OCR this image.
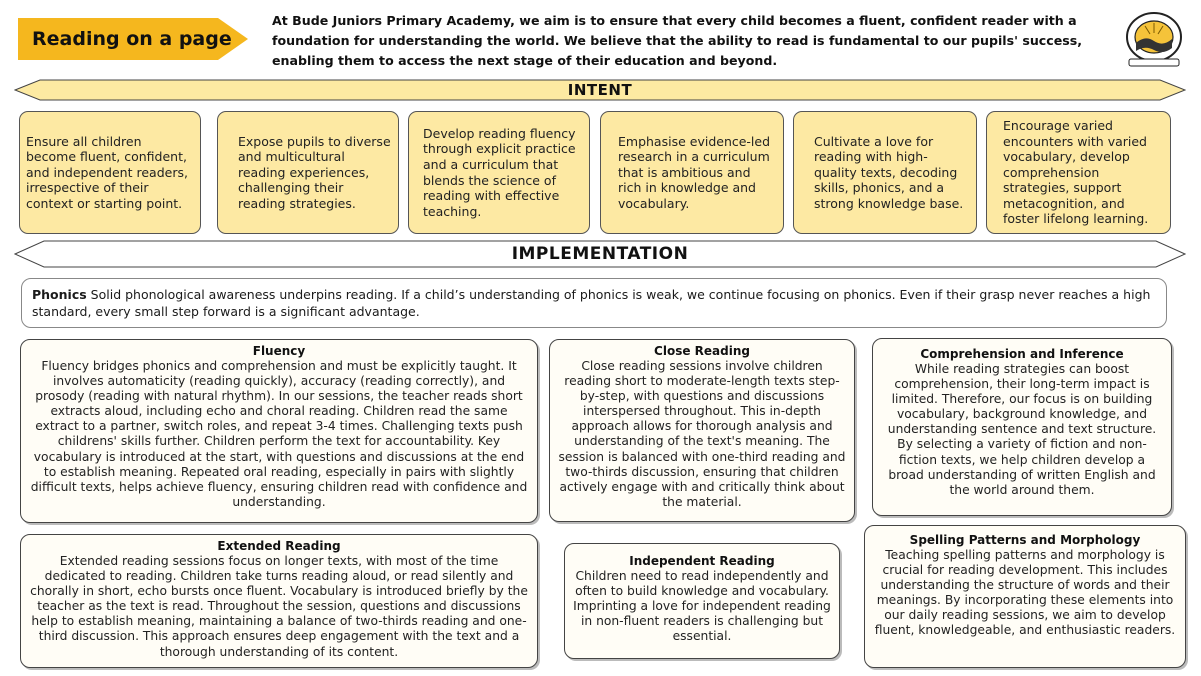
Reading on a page
At Bude Juniors Primary Academy, we aim is to ensure that every child becomes a fluent, confident reader with a foundation for understanding the world. We believe that the ability to read is fundamental to our pupils' success, enabling them to access the next stage of their education and beyond.
INTENT
Ensure all children become fluent, confident, and independent readers, irrespective of their context or starting point.
Expose pupils to diverse and multicultural reading experiences, challenging their reading strategies.
Develop reading fluency through explicit practice and a curriculum that blends the science of reading with effective teaching.
Emphasise evidence-led research in a curriculum that is ambitious and rich in knowledge and vocabulary.
Cultivate a love for reading with high-quality texts, decoding skills, phonics, and a strong knowledge base.
Encourage varied encounters with varied vocabulary, develop comprehension strategies, support metacognition, and foster lifelong learning.
IMPLEMENTATION
Phonics Solid phonological awareness underpins reading. If a child’s understanding of phonics is weak, we continue focusing on phonics. Even if their grasp never reaches a high standard, every small step forward is a significant advantage.
Fluency

Fluency bridges phonics and comprehension and must be explicitly taught. It involves automaticity (reading quickly), accuracy (reading correctly), and prosody (reading with natural rhythm). In our sessions, the teacher reads short extracts aloud, including echo and choral reading. Children read the same extract to a partner, switch roles, and repeat 3-4 times. Challenging texts push childrens' skills further. Children perform the text for accountability. Key vocabulary is introduced at the start, with questions and discussions at the end to establish meaning. Repeated oral reading, especially in pairs with slightly difficult texts, helps achieve fluency, ensuring children read with confidence and understanding.

Close Reading

Close reading sessions involve children reading short to moderate-length texts step-by-step, with questions and discussions interspersed throughout. This in-depth approach allows for thorough analysis and understanding of the text's meaning. The session is balanced with one-third reading and two-thirds discussion, ensuring that children actively engage with and critically think about the material.

Comprehension and Inference

While reading strategies can boost comprehension, their long-term impact is limited. Therefore, our focus is on building vocabulary, background knowledge, and understanding sentence and text structure. By selecting a variety of fiction and non-fiction texts, we help children develop a broad understanding of written English and the world around them.

Extended Reading

Extended reading sessions focus on longer texts, with most of the time dedicated to reading. Children take turns reading aloud, or read silently and chorally in short, echo bursts once fluent. Vocabulary is introduced briefly by the teacher as the text is read. Throughout the session, questions and discussions help to establish meaning, maintaining a balance of two-thirds reading and one-third discussion. This approach ensures deep engagement with the text and a thorough understanding of its content.

Independent Reading

Children need to read independently and often to build knowledge and vocabulary. Imprinting a love for independent reading in non-fluent readers is challenging but essential.

Spelling Patterns and Morphology

Teaching spelling patterns and morphology is crucial for reading development. This includes understanding the structure of words and their meanings. By incorporating these elements into our daily reading sessions, we aim to develop fluent, knowledgeable, and enthusiastic readers.
